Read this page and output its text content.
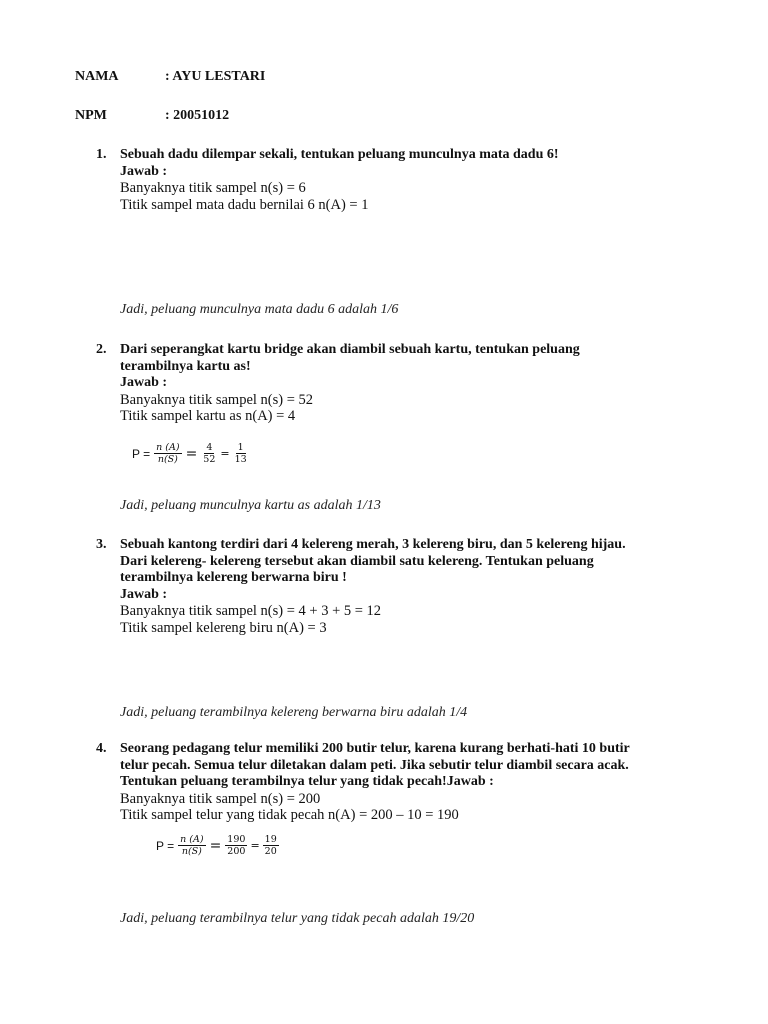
NAMA	: AYU LESTARI
NPM	: 20051012
1. Sebuah dadu dilempar sekali, tentukan peluang munculnya mata dadu 6!
Jawab :
Banyaknya titik sampel n(s) = 6
Titik sampel mata dadu bernilai 6 n(A) = 1
Jadi, peluang munculnya mata dadu 6 adalah 1/6
2. Dari seperangkat kartu bridge akan diambil sebuah kartu, tentukan peluang
terambilnya kartu as!
Jawab :
Banyaknya titik sampel n(s) = 52
Titik sampel kartu as n(A) = 4
$P = \frac{n (A)}{n(S)} = \frac{4}{52} = \frac{1}{13}$
Jadi, peluang munculnya kartu as adalah 1/13
3. Sebuah kantong terdiri dari 4 kelereng merah, 3 kelereng biru, dan 5 kelereng hijau.
Dari kelereng- kelereng tersebut akan diambil satu kelereng. Tentukan peluang
terambilnya kelereng berwarna biru !
Jawab :
Banyaknya titik sampel n(s) = 4 + 3 + 5 = 12
Titik sampel kelereng biru n(A) = 3
Jadi, peluang terambilnya kelereng berwarna biru adalah 1/4
4. Seorang pedagang telur memiliki 200 butir telur, karena kurang berhati-hati 10 butir
telur pecah. Semua telur diletakan dalam peti. Jika sebutir telur diambil secara acak.
Tentukan peluang terambilnya telur yang tidak pecah!Jawab :
Banyaknya titik sampel n(s) = 200
Titik sampel telur yang tidak pecah n(A) = 200 – 10 = 190
$P = \frac{n (A)}{n(S)} = \frac{190}{200} = \frac{19}{20}$
Jadi, peluang terambilnya telur yang tidak pecah adalah 19/20
